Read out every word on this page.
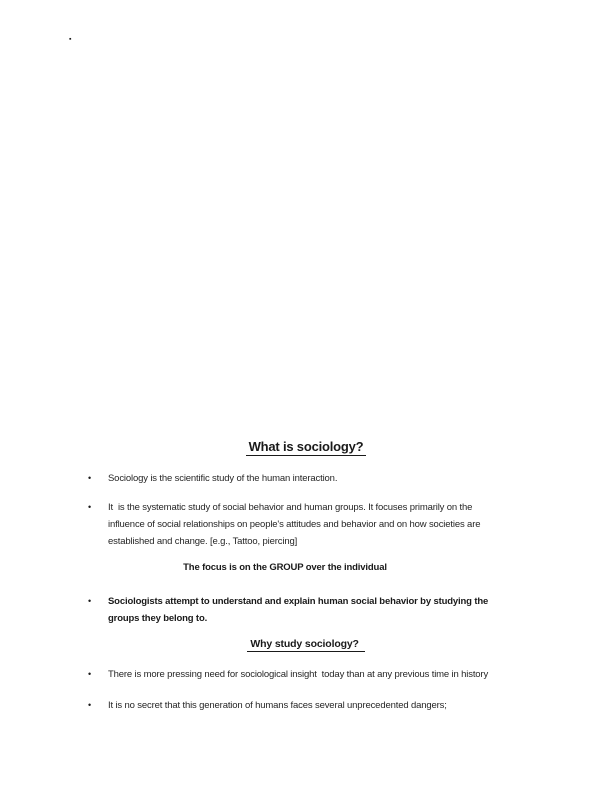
▪
What is sociology?
• Sociology is the scientific study of the human interaction.
• It  is the systematic study of social behavior and human groups. It focuses primarily on the
influence of social relationships on people's attitudes and behavior and on how societies are
established and change. [e.g., Tattoo, piercing]
The focus is on the GROUP over the individual
• Sociologists attempt to understand and explain human social behavior by studying the
groups they belong to.
Why study sociology?
• There is more pressing need for sociological insight  today than at any previous time in history
• It is no secret that this generation of humans faces several unprecedented dangers;
